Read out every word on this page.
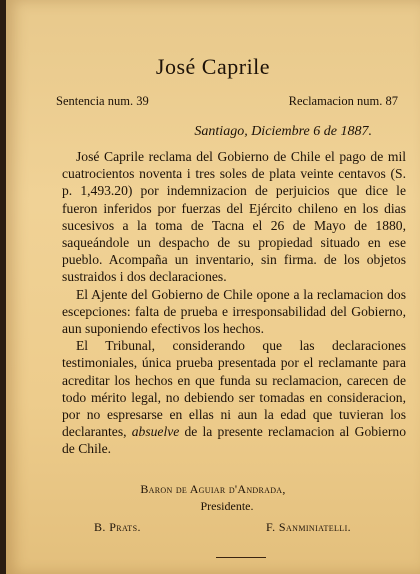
José Caprile
Sentencia num. 39	Reclamacion num. 87
Santiago, Diciembre 6 de 1887.

José Caprile reclama del Gobierno de Chile el pago de mil cuatrocientos noventa i tres soles de plata veinte centavos (S. p. 1,493.20) por indemnizacion de perjuicios que dice le fueron inferidos por fuerzas del Ejército chileno en los dias sucesivos a la toma de Tacna el 26 de Mayo de 1880, saqueándole un despacho de su propiedad situado en ese pueblo. Acompaña un inventario, sin firma. de los objetos sustraidos i dos declaraciones.

El Ajente del Gobierno de Chile opone a la reclamacion dos escepciones: falta de prueba e irresponsabilidad del Gobierno, aun suponiendo efectivos los hechos.

El Tribunal, considerando que las declaraciones testimoniales, única prueba presentada por el reclamante para acreditar los hechos en que funda su reclamacion, carecen de todo mérito legal, no debiendo ser tomadas en consideracion, por no espresarse en ellas ni aun la edad que tuvieran los declarantes, absuelve de la presente reclamacion al Gobierno de Chile.

Baron de Aguiar d'Andrada,
Presidente.
B. Prats.	F. Sanminiatelli.
